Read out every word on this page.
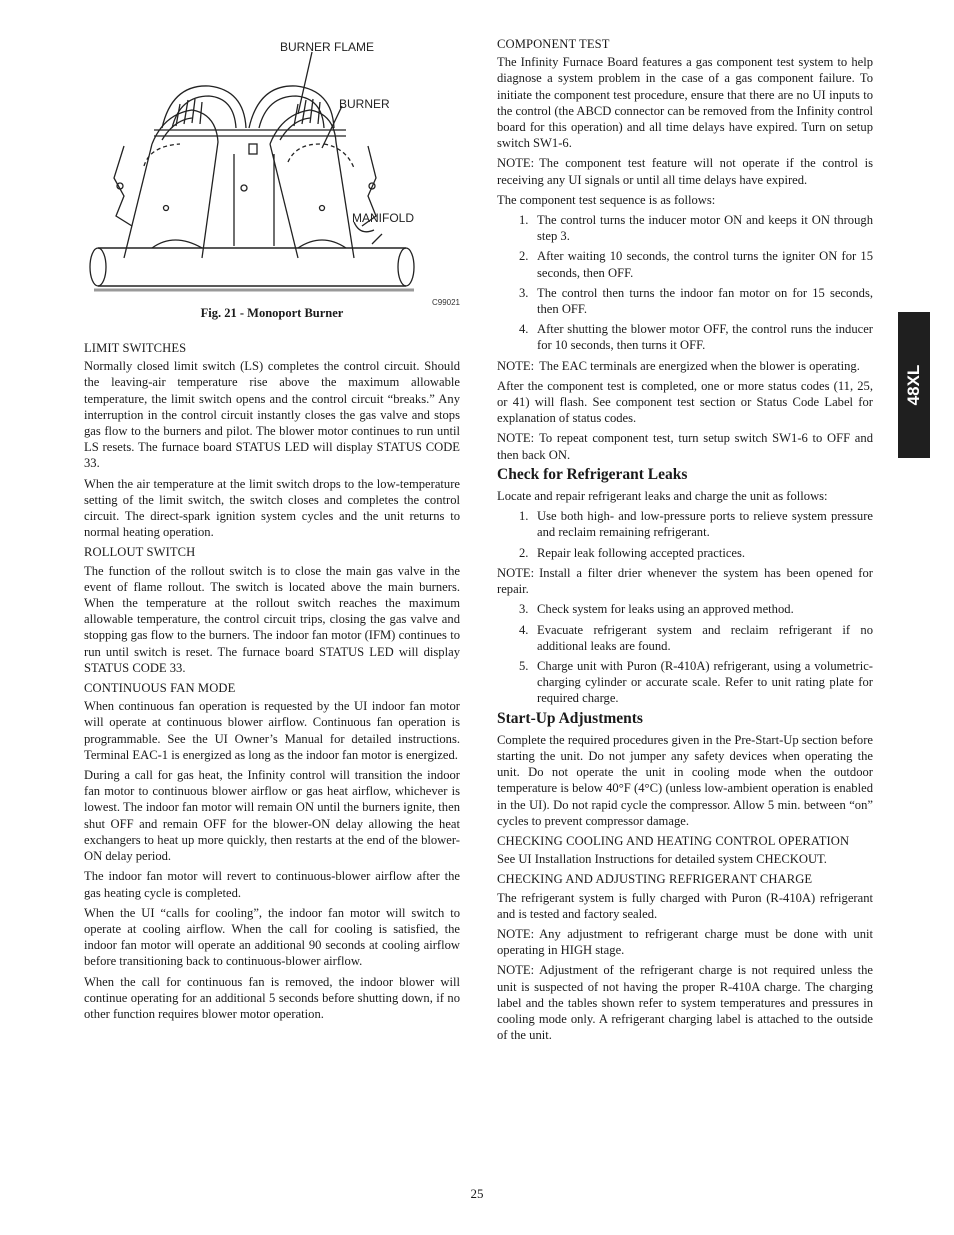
BURNER FLAME
BURNER
MANIFOLD
C99021
Fig. 21 - Monoport Burner

LIMIT SWITCHES

Normally closed limit switch (LS) completes the control circuit. Should the leaving-air temperature rise above the maximum allowable temperature, the limit switch opens and the control circuit “breaks.” Any interruption in the control circuit instantly closes the gas valve and stops gas flow to the burners and pilot. The blower motor continues to run until LS resets. The furnace board STATUS LED will display STATUS CODE 33.

When the air temperature at the limit switch drops to the low-temperature setting of the limit switch, the switch closes and completes the control circuit. The direct-spark ignition system cycles and the unit returns to normal heating operation.

ROLLOUT SWITCH

The function of the rollout switch is to close the main gas valve in the event of flame rollout. The switch is located above the main burners. When the temperature at the rollout switch reaches the maximum allowable temperature, the control circuit trips, closing the gas valve and stopping gas flow to the burners. The indoor fan motor (IFM) continues to run until switch is reset. The furnace board STATUS LED will display STATUS CODE 33.

CONTINUOUS FAN MODE

When continuous fan operation is requested by the UI indoor fan motor will operate at continuous blower airflow. Continuous fan operation is programmable. See the UI Owner’s Manual for detailed instructions. Terminal EAC-1 is energized as long as the indoor fan motor is energized.

During a call for gas heat, the Infinity control will transition the indoor fan motor to continuous blower airflow or gas heat airflow, whichever is lowest. The indoor fan motor will remain ON until the burners ignite, then shut OFF and remain OFF for the blower-ON delay allowing the heat exchangers to heat up more quickly, then restarts at the end of the blower-ON delay period.

The indoor fan motor will revert to continuous-blower airflow after the gas heating cycle is completed.

When the UI “calls for cooling”, the indoor fan motor will switch to operate at cooling airflow. When the call for cooling is satisfied, the indoor fan motor will operate an additional 90 seconds at cooling airflow before transitioning back to continuous-blower airflow.

When the call for continuous fan is removed, the indoor blower will continue operating for an additional 5 seconds before shutting down, if no other function requires blower motor operation.

COMPONENT TEST

The Infinity Furnace Board features a gas component test system to help diagnose a system problem in the case of a gas component failure. To initiate the component test procedure, ensure that there are no UI inputs to the control (the ABCD connector can be removed from the Infinity control board for this operation) and all time delays have expired. Turn on setup switch SW1-6.

NOTE: The component test feature will not operate if the control is receiving any UI signals or until all time delays have expired.

The component test sequence is as follows:

1. The control turns the inducer motor ON and keeps it ON through step 3.
2. After waiting 10 seconds, the control turns the igniter ON for 15 seconds, then OFF.
3. The control then turns the indoor fan motor on for 15 seconds, then OFF.
4. After shutting the blower motor OFF, the control runs the inducer for 10 seconds, then turns it OFF.

NOTE: The EAC terminals are energized when the blower is operating.

After the component test is completed, one or more status codes (11, 25, or 41) will flash. See component test section or Status Code Label for explanation of status codes.

NOTE: To repeat component test, turn setup switch SW1-6 to OFF and then back ON.

Check for Refrigerant Leaks

Locate and repair refrigerant leaks and charge the unit as follows:

1. Use both high- and low-pressure ports to relieve system pressure and reclaim remaining refrigerant.
2. Repair leak following accepted practices.

NOTE: Install a filter drier whenever the system has been opened for repair.

3. Check system for leaks using an approved method.
4. Evacuate refrigerant system and reclaim refrigerant if no additional leaks are found.
5. Charge unit with Puron (R-410A) refrigerant, using a volumetric-charging cylinder or accurate scale. Refer to unit rating plate for required charge.
Start-Up Adjustments

Complete the required procedures given in the Pre-Start-Up section before starting the unit. Do not jumper any safety devices when operating the unit. Do not operate the unit in cooling mode when the outdoor temperature is below 40°F (4°C) (unless low-ambient operation is enabled in the UI). Do not rapid cycle the compressor. Allow 5 min. between “on” cycles to prevent compressor damage.

CHECKING COOLING AND HEATING CONTROL OPERATION

See UI Installation Instructions for detailed system CHECKOUT.

CHECKING AND ADJUSTING REFRIGERANT CHARGE

The refrigerant system is fully charged with Puron (R-410A) refrigerant and is tested and factory sealed.

NOTE: Any adjustment to refrigerant charge must be done with unit operating in HIGH stage.

NOTE: Adjustment of the refrigerant charge is not required unless the unit is suspected of not having the proper R-410A charge. The charging label and the tables shown refer to system temperatures and pressures in cooling mode only. A refrigerant charging label is attached to the outside of the unit.

48XL
25
